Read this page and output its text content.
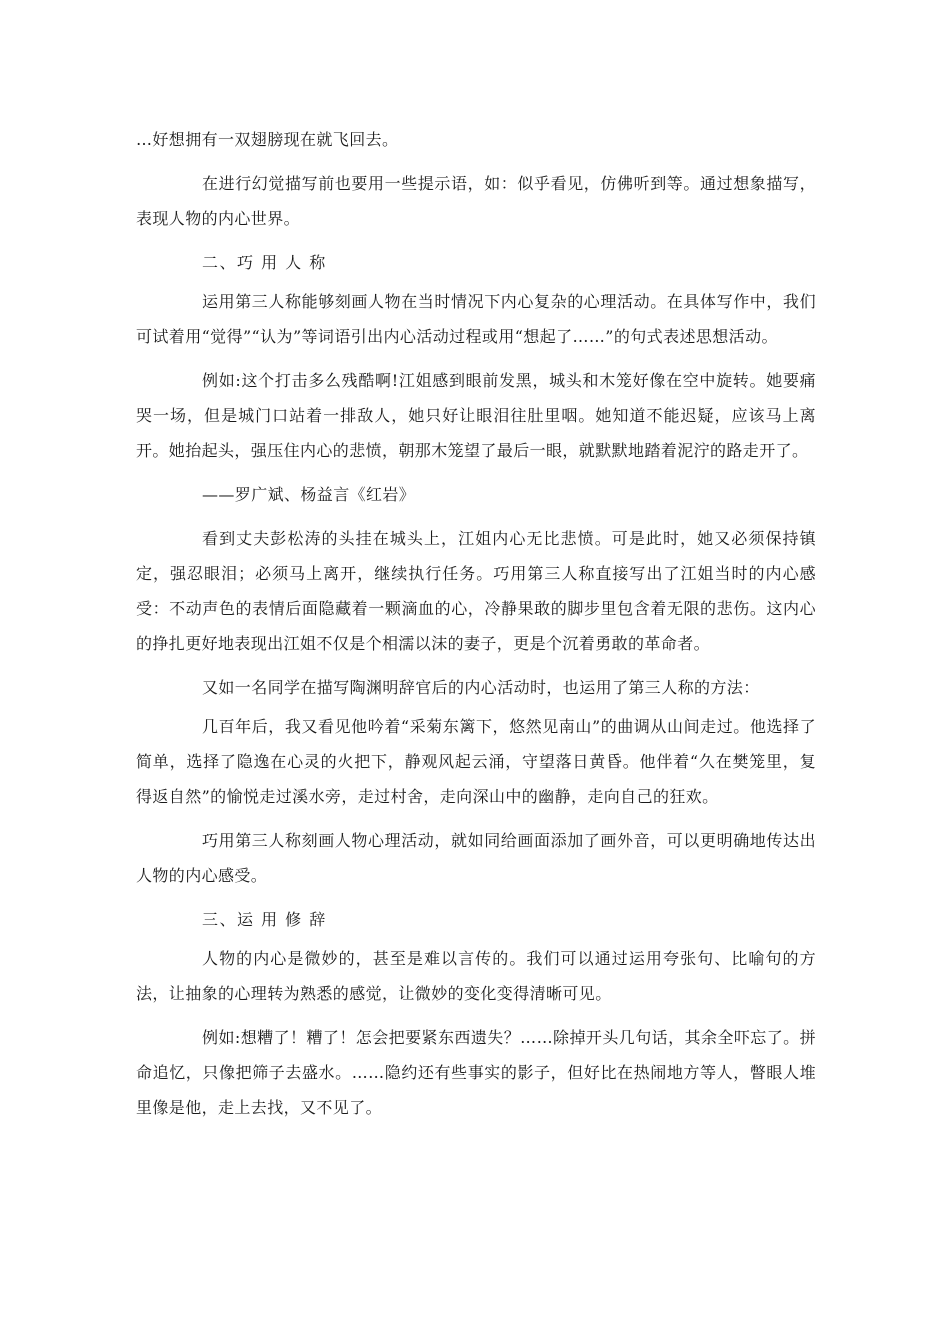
…好想拥有一双翅膀现在就飞回去。

在进行幻觉描写前也要用一些提示语，如：似乎看见，仿佛听到等。通过想象描写，表现人物的内心世界。

二、巧 用 人 称

运用第三人称能够刻画人物在当时情况下内心复杂的心理活动。在具体写作中，我们可试着用“觉得”“认为”等词语引出内心活动过程或用“想起了……”的句式表述思想活动。

例如:这个打击多么残酷啊!江姐感到眼前发黑，城头和木笼好像在空中旋转。她要痛哭一场，但是城门口站着一排敌人，她只好让眼泪往肚里咽。她知道不能迟疑，应该马上离开。她抬起头，强压住内心的悲愤，朝那木笼望了最后一眼，就默默地踏着泥泞的路走开了。

——罗广斌、杨益言《红岩》

看到丈夫彭松涛的头挂在城头上，江姐内心无比悲愤。可是此时，她又必须保持镇定，强忍眼泪；必须马上离开，继续执行任务。巧用第三人称直接写出了江姐当时的内心感受：不动声色的表情后面隐藏着一颗滴血的心，冷静果敢的脚步里包含着无限的悲伤。这内心的挣扎更好地表现出江姐不仅是个相濡以沫的妻子，更是个沉着勇敢的革命者。

又如一名同学在描写陶渊明辞官后的内心活动时，也运用了第三人称的方法：

几百年后，我又看见他吟着“采菊东篱下，悠然见南山”的曲调从山间走过。他选择了简单，选择了隐逸在心灵的火把下，静观风起云涌，守望落日黄昏。他伴着“久在樊笼里，复得返自然”的愉悦走过溪水旁，走过村舍，走向深山中的幽静，走向自己的狂欢。

巧用第三人称刻画人物心理活动，就如同给画面添加了画外音，可以更明确地传达出人物的内心感受。

三、运 用 修 辞

人物的内心是微妙的，甚至是难以言传的。我们可以通过运用夸张句、比喻句的方法，让抽象的心理转为熟悉的感觉，让微妙的变化变得清晰可见。

例如:想糟了！糟了！怎会把要紧东西遗失？……除掉开头几句话，其余全吓忘了。拼命追忆，只像把筛子去盛水。……隐约还有些事实的影子，但好比在热闹地方等人，瞥眼人堆里像是他，走上去找，又不见了。
